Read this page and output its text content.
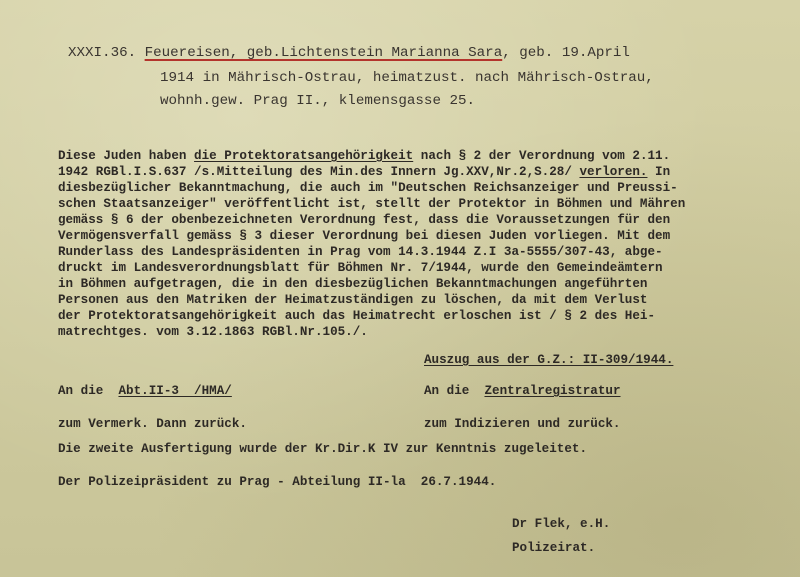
XXXI.36. Feuereisen, geb.Lichtenstein Marianna Sara, geb. 19.April
1914 in Mährisch-Ostrau, heimatzust. nach Mährisch-Ostrau,
wohnh.gew. Prag II., klemensgasse 25.
Diese Juden haben die Protektoratsangehörigkeit nach § 2 der Verordnung vom 2.11.
1942 RGBl.I.S.637 /s.Mitteilung des Min.des Innern Jg.XXV,Nr.2,S.28/ verloren. In
diesbezüglicher Bekanntmachung, die auch im "Deutschen Reichsanzeiger und Preussi-
schen Staatsanzeiger" veröffentlicht ist, stellt der Protektor in Böhmen und Mähren
gemäss § 6 der obenbezeichneten Verordnung fest, dass die Voraussetzungen für den
Vermögensverfall gemäss § 3 dieser Verordnung bei diesen Juden vorliegen. Mit dem
Runderlass des Landespräsidenten in Prag vom 14.3.1944 Z.I 3a-5555/307-43, abge-
druckt im Landesverordnungsblatt für Böhmen Nr. 7/1944, wurde den Gemeindeämtern
in Böhmen aufgetragen, die in den diesbezüglichen Bekanntmachungen angeführten
Personen aus den Matriken der Heimatzuständigen zu löschen, da mit dem Verlust
der Protektoratsangehörigkeit auch das Heimatrecht erloschen ist / § 2 des Hei-
matrechtges. vom 3.12.1863 RGBl.Nr.105./.
Auszug aus der G.Z.: II-309/1944.
An die  Abt.II-3  /HMA/	An die  Zentralregistratur
zum Vermerk. Dann zurück.	zum Indizieren und zurück.
Die zweite Ausfertigung wurde der Kr.Dir.K IV zur Kenntnis zugeleitet.
Der Polizeipräsident zu Prag - Abteilung II-la  26.7.1944.
Dr Flek, e.H.
Polizeirat.
